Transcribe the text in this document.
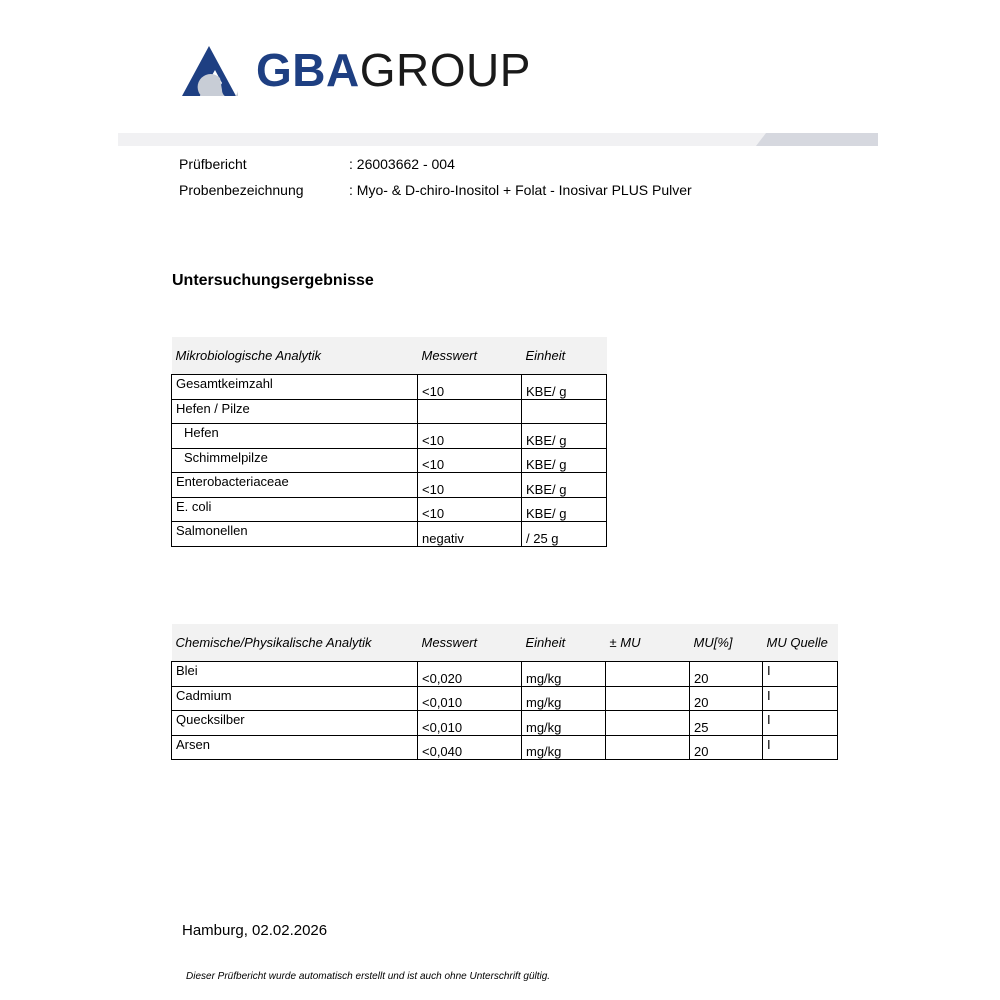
GBAGROUP
Prüfbericht	: 26003662 - 004
Probenbezeichnung	: Myo- & D-chiro-Inositol + Folat - Inosivar PLUS Pulver
Untersuchungsergebnisse
Mikrobiologische Analytik	Messwert	Einheit
Gesamtkeimzahl	<10	KBE/ g
Hefen / Pilze		
Hefen	<10	KBE/ g
Schimmelpilze	<10	KBE/ g
Enterobacteriaceae	<10	KBE/ g
E. coli	<10	KBE/ g
Salmonellen	negativ	/ 25 g
Chemische/Physikalische Analytik	Messwert	Einheit	± MU	MU[%]	MU Quelle
Blei	<0,020	mg/kg		20	I
Cadmium	<0,010	mg/kg		20	I
Quecksilber	<0,010	mg/kg		25	I
Arsen	<0,040	mg/kg		20	I
Hamburg, 02.02.2026
Dieser Prüfbericht wurde automatisch erstellt und ist auch ohne Unterschrift gültig.
